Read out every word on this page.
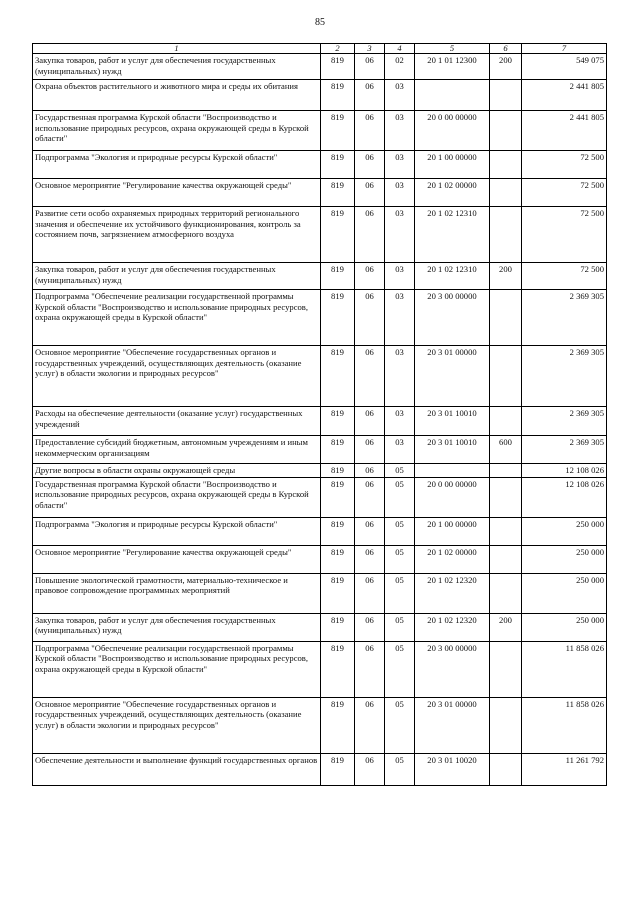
85
1	2	3	4	5	6	7
Закупка товаров, работ и услуг для обеспечения государственных (муниципальных) нужд	819	06	02	20 1 01 12300	200	549 075
Охрана объектов растительного и животного мира и среды их обитания	819	06	03			2 441 805
Государственная программа Курской области "Воспроизводство и использование природных ресурсов, охрана окружающей среды в Курской области"	819	06	03	20 0 00 00000		2 441 805
Подпрограмма "Экология и природные ресурсы Курской области"	819	06	03	20 1 00 00000		72 500
Основное мероприятие "Регулирование качества окружающей среды"	819	06	03	20 1 02 00000		72 500
Развитие сети особо охраняемых природных территорий регионального значения и обеспечение их устойчивого функционирования, контроль за состоянием почв, загрязнением атмосферного воздуха	819	06	03	20 1 02 12310		72 500
Закупка товаров, работ и услуг для обеспечения государственных (муниципальных) нужд	819	06	03	20 1 02 12310	200	72 500
Подпрограмма "Обеспечение реализации государственной программы Курской области "Воспроизводство и использование природных ресурсов, охрана окружающей среды в Курской области"	819	06	03	20 3 00 00000		2 369 305
Основное мероприятие "Обеспечение государственных органов и государственных учреждений, осуществляющих деятельность (оказание услуг) в области экологии и природных ресурсов"	819	06	03	20 3 01 00000		2 369 305
Расходы на обеспечение деятельности (оказание услуг) государственных учреждений	819	06	03	20 3 01 10010		2 369 305
Предоставление субсидий бюджетным, автономным учреждениям и иным некоммерческим организациям	819	06	03	20 3 01 10010	600	2 369 305
Другие вопросы в области охраны окружающей среды	819	06	05			12 108 026
Государственная программа Курской области "Воспроизводство и использование природных ресурсов, охрана окружающей среды в Курской области"	819	06	05	20 0 00 00000		12 108 026
Подпрограмма "Экология и природные ресурсы Курской области"	819	06	05	20 1 00 00000		250 000
Основное мероприятие "Регулирование качества окружающей среды"	819	06	05	20 1 02 00000		250 000
Повышение экологической грамотности, материально-техническое и правовое сопровождение программных мероприятий	819	06	05	20 1 02 12320		250 000
Закупка товаров, работ и услуг для обеспечения государственных (муниципальных) нужд	819	06	05	20 1 02 12320	200	250 000
Подпрограмма "Обеспечение реализации государственной программы Курской области "Воспроизводство и использование природных ресурсов, охрана окружающей среды в Курской области"	819	06	05	20 3 00 00000		11 858 026
Основное мероприятие "Обеспечение государственных органов и государственных учреждений, осуществляющих деятельность (оказание услуг) в области экологии и природных ресурсов"	819	06	05	20 3 01 00000		11 858 026
Обеспечение деятельности и выполнение функций государственных органов	819	06	05	20 3 01 10020		11 261 792
